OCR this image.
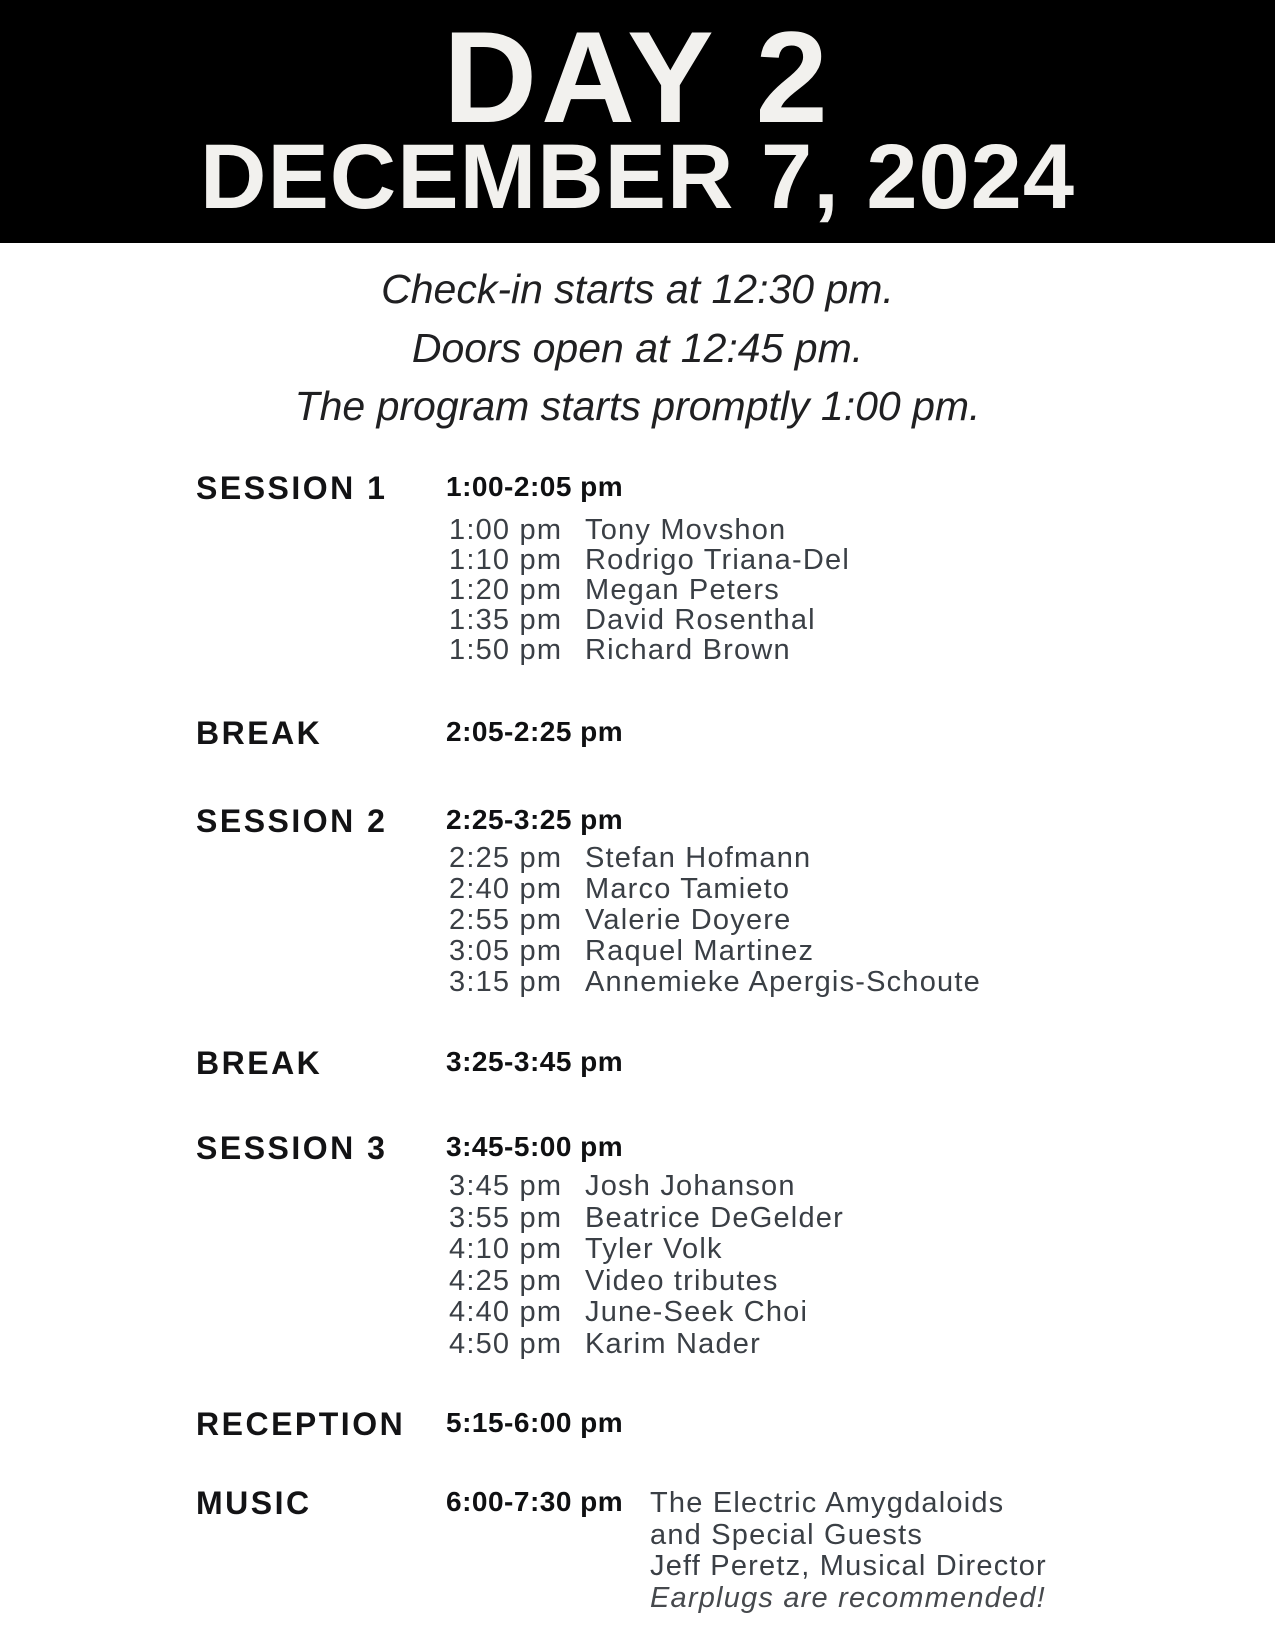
DAY 2
DECEMBER 7, 2024
Check-in starts at 12:30 pm.
Doors open at 12:45 pm.
The program starts promptly 1:00 pm.
SESSION 1 1:00-2:05 pm
1:00 pm Tony Movshon
1:10 pm Rodrigo Triana-Del
1:20 pm Megan Peters
1:35 pm David Rosenthal
1:50 pm Richard Brown
BREAK	2:05-2:25 pm
SESSION 2 2:25-3:25 pm
2:25 pm Stefan Hofmann
2:40 pm Marco Tamieto
2:55 pm Valerie Doyere
3:05 pm Raquel Martinez
3:15 pm Annemieke Apergis-Schoute
BREAK	3:25-3:45 pm
SESSION 3 3:45-5:00 pm
3:45 pm Josh Johanson
3:55 pm Beatrice DeGelder
4:10 pm Tyler Volk
4:25 pm Video tributes
4:40 pm June-Seek Choi
4:50 pm Karim Nader
RECEPTION 5:15-6:00 pm
MUSIC	6:00-7:30 pm The Electric Amygdaloids
and Special Guests
Jeff Peretz, Musical Director
Earplugs are recommended!
